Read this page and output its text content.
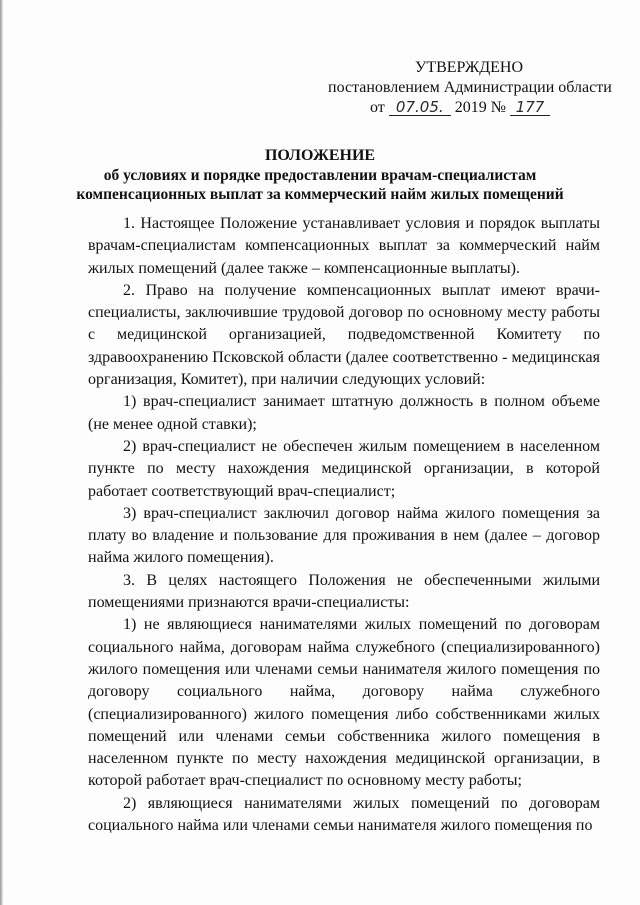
УТВЕРЖДЕНО
постановлением Администрации области
от 07.05. 2019 № 177
ПОЛОЖЕНИЕ
об условиях и порядке предоставлении врачам-специалистам
компенсационных выплат за коммерческий найм жилых помещений

1. Настоящее Положение устанавливает условия и порядок выплаты врачам-специалистам компенсационных выплат за коммерческий найм жилых помещений (далее также – компенсационные выплаты).

2. Право на получение компенсационных выплат имеют врачи-специалисты, заключившие трудовой договор по основному месту работы с медицинской организацией, подведомственной Комитету по здравоохранению Псковской области (далее соответственно - медицинская организация, Комитет), при наличии следующих условий:

1) врач-специалист занимает штатную должность в полном объеме (не менее одной ставки);

2) врач-специалист не обеспечен жилым помещением в населенном пункте по месту нахождения медицинской организации, в которой работает соответствующий врач-специалист;

3) врач-специалист заключил договор найма жилого помещения за плату во владение и пользование для проживания в нем (далее – договор найма жилого помещения).

3. В целях настоящего Положения не обеспеченными жилыми помещениями признаются врачи-специалисты:

1) не являющиеся нанимателями жилых помещений по договорам социального найма, договорам найма служебного (специализированного) жилого помещения или членами семьи нанимателя жилого помещения по договору социального найма, договору найма служебного (специализированного) жилого помещения либо собственниками жилых помещений или членами семьи собственника жилого помещения в населенном пункте по месту нахождения медицинской организации, в которой работает врач-специалист по основному месту работы;

2) являющиеся нанимателями жилых помещений по договорам социального найма или членами семьи нанимателя жилого помещения по
